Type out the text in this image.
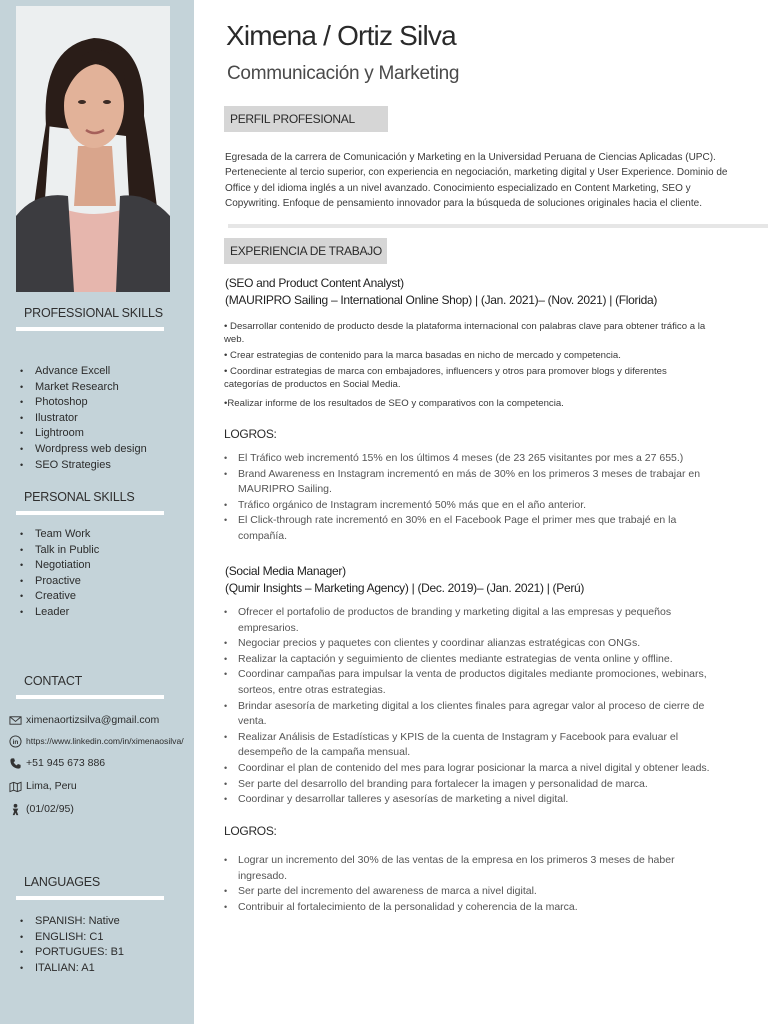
PROFESSIONAL SKILLS
• Advance Excell
• Market Research
• Photoshop
• Ilustrator
• Lightroom
• Wordpress web design
• SEO Strategies
PERSONAL SKILLS
• Team Work
• Talk in Public
• Negotiation
• Proactive
• Creative
• Leader
CONTACT
ximenaortizsilva@gmail.com
in https://www.linkedin.com/in/ximenaosilva/
+51 945 673 886
Lima, Peru
(01/02/95)
LANGUAGES
• SPANISH: Native
• ENGLISH: C1
• PORTUGUES: B1
• ITALIAN: A1
Ximena / Ortiz Silva
Communicación y Marketing
PERFIL PROFESIONAL
Egresada de la carrera de Comunicación y Marketing en la Universidad Peruana de Ciencias Aplicadas (UPC). Perteneciente al tercio superior, con experiencia en negociación, marketing digital y User Experience. Dominio de Office y del idioma inglés a un nivel avanzado. Conocimiento especializado en Content Marketing, SEO y Copywriting. Enfoque de pensamiento innovador para la búsqueda de soluciones originales hacia el cliente.
EXPERIENCIA DE TRABAJO
(SEO and Product Content Analyst)
(MAURIPRO Sailing – International Online Shop) | (Jan. 2021)– (Nov. 2021) | (Florida)
• Desarrollar contenido de producto desde la plataforma internacional con palabras clave para obtener tráfico a la web.
• Crear estrategias de contenido para la marca basadas en nicho de mercado y competencia.
• Coordinar estrategias de marca con embajadores, influencers y otros para promover blogs y diferentes categorías de productos en Social Media.
•Realizar informe de los resultados de SEO y comparativos con la competencia.
LOGROS:
• El Tráfico web incrementó 15% en los últimos 4 meses (de 23 265 visitantes por mes a 27 655.)
• Brand Awareness en Instagram incrementó en más de 30% en los primeros 3 meses de trabajar en MAURIPRO Sailing.
• Tráfico orgánico de Instagram incrementó 50% más que en el año anterior.
• El Click-through rate incrementó en 30% en el Facebook Page el primer mes que trabajé en la compañía.
(Social Media Manager)
(Qumir Insights – Marketing Agency) | (Dec. 2019)– (Jan. 2021) | (Perú)
• Ofrecer el portafolio de productos de branding y marketing digital a las empresas y pequeños empresarios.
• Negociar precios y paquetes con clientes y coordinar alianzas estratégicas con ONGs.
• Realizar la captación y seguimiento de clientes mediante estrategias de venta online y offline.
• Coordinar campañas para impulsar la venta de productos digitales mediante promociones, webinars, sorteos, entre otras estrategias.
• Brindar asesoría de marketing digital a los clientes finales para agregar valor al proceso de cierre de venta.
• Realizar Análisis de Estadísticas y KPIS de la cuenta de Instagram y Facebook para evaluar el desempeño de la campaña mensual.
• Coordinar el plan de contenido del mes para lograr posicionar la marca a nivel digital y obtener leads.
• Ser parte del desarrollo del branding para fortalecer la imagen y personalidad de marca.
• Coordinar y desarrollar talleres y asesorías de marketing a nivel digital.
LOGROS:
• Lograr un incremento del 30% de las ventas de la empresa en los primeros 3 meses de haber ingresado.
• Ser parte del incremento del awareness de marca a nivel digital.
• Contribuir al fortalecimiento de la personalidad y coherencia de la marca.
